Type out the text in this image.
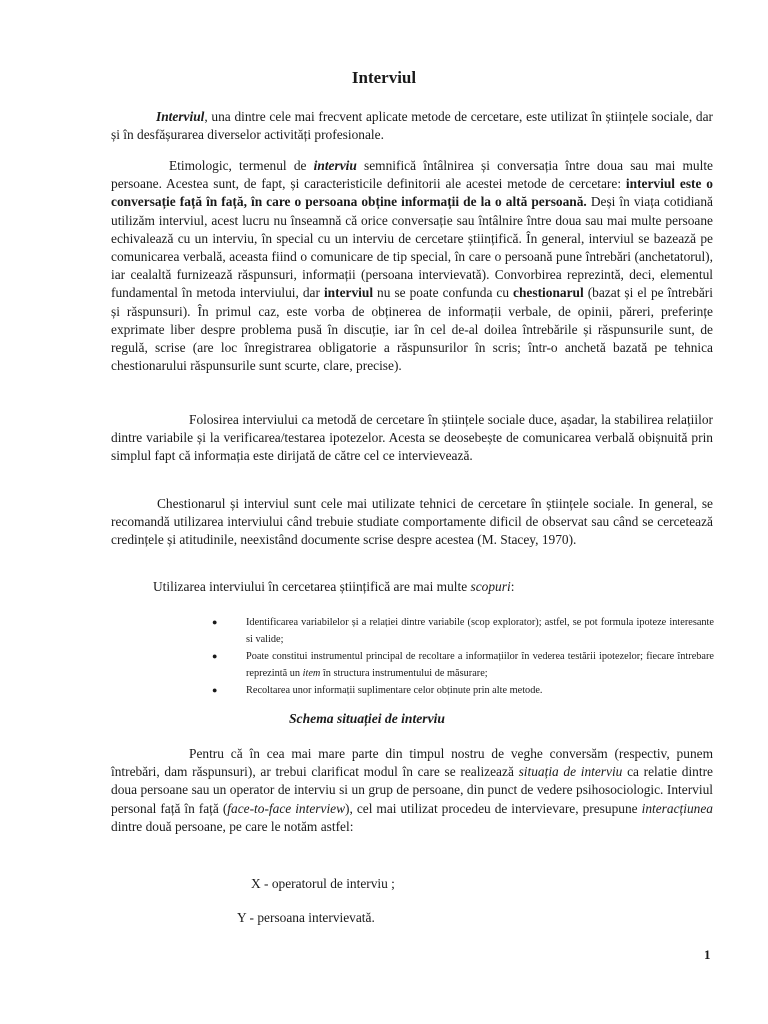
Interviul

Interviul, una dintre cele mai frecvent aplicate metode de cercetare, este utilizat în științele sociale, dar și în desfășurarea diverselor activități profesionale.

Etimologic, termenul de interviu semnifică întâlnirea și conversația între doua sau mai multe persoane. Acestea sunt, de fapt, și caracteristicile definitorii ale acestei metode de cercetare: interviul este o conversație față în față, în care o persoana obține informații de la o altă persoană. Deși în viața cotidiană utilizăm interviul, acest lucru nu înseamnă că orice conversație sau întâlnire între doua sau mai multe persoane echivalează cu un interviu, în special cu un interviu de cercetare științifică. În general, interviul se bazează pe comunicarea verbală, aceasta fiind o comunicare de tip special, în care o persoană pune întrebări (anchetatorul), iar cealaltă furnizează răspunsuri, informații (persoana intervievată). Convorbirea reprezintă, deci, elementul fundamental în metoda interviului, dar interviul nu se poate confunda cu chestionarul (bazat și el pe întrebări și răspunsuri). În primul caz, este vorba de obținerea de informații verbale, de opinii, păreri, preferințe exprimate liber despre problema pusă în discuție, iar în cel de-al doilea întrebările și răspunsurile sunt, de regulă, scrise (are loc înregistrarea obligatorie a răspunsurilor în scris; într-o anchetă bazată pe tehnica chestionarului răspunsurile sunt scurte, clare, precise).

Folosirea interviului ca metodă de cercetare în științele sociale duce, așadar, la stabilirea relațiilor dintre variabile și la verificarea/testarea ipotezelor. Acesta se deosebește de comunicarea verbală obișnuită prin simplul fapt că informația este dirijată de către cel ce intervievează.

Chestionarul și interviul sunt cele mai utilizate tehnici de cercetare în științele sociale. In general, se recomandă utilizarea interviului când trebuie studiate comportamente dificil de observat sau când se cercetează credințele și atitudinile, neexistând documente scrise despre acestea (M. Stacey, 1970).

Utilizarea interviului în cercetarea științifică are mai multe scopuri:

●	Identificarea variabilelor și a relației dintre variabile (scop explorator); astfel, se pot formula ipoteze interesante si valide;
●	Poate constitui instrumentul principal de recoltare a informațiilor în vederea testării ipotezelor; fiecare întrebare reprezintă un item în structura instrumentului de măsurare;
●	Recoltarea unor informații suplimentare celor obținute prin alte metode.
Schema situației de interviu

Pentru că în cea mai mare parte din timpul nostru de veghe conversăm (respectiv, punem întrebări, dam răspunsuri), ar trebui clarificat modul în care se realizează situația de interviu ca relatie dintre doua persoane sau un operator de interviu si un grup de persoane, din punct de vedere psihosociologic. Interviul personal față în față (face-to-face interview), cel mai utilizat procedeu de intervievare, presupune interacțiunea dintre două persoane, pe care le notăm astfel:

X - operatorul de interviu ;
Y - persoana intervievată.
1
